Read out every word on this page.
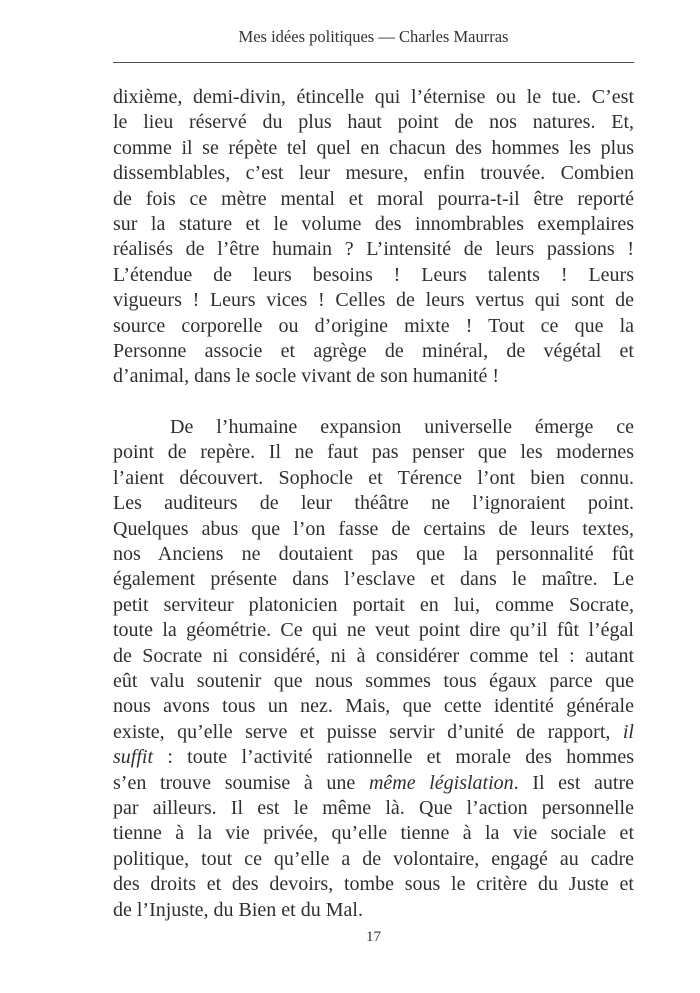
Mes idées politiques — Charles Maurras
dixième, demi-divin, étincelle qui l’éternise ou le tue. C’est
le lieu réservé du plus haut point de nos natures. Et,
comme il se répète tel quel en chacun des hommes les plus
dissemblables, c’est leur mesure, enfin trouvée. Combien
de fois ce mètre mental et moral pourra-t-il être reporté
sur la stature et le volume des innombrables exemplaires
réalisés de l’être humain ? L’intensité de leurs passions !
L’étendue de leurs besoins ! Leurs talents ! Leurs
vigueurs ! Leurs vices ! Celles de leurs vertus qui sont de
source corporelle ou d’origine mixte ! Tout ce que la
Personne associe et agrège de minéral, de végétal et
d’animal, dans le socle vivant de son humanité !
De l’humaine expansion universelle émerge ce
point de repère. Il ne faut pas penser que les modernes
l’aient découvert. Sophocle et Térence l’ont bien connu.
Les auditeurs de leur théâtre ne l’ignoraient point.
Quelques abus que l’on fasse de certains de leurs textes,
nos Anciens ne doutaient pas que la personnalité fût
également présente dans l’esclave et dans le maître. Le
petit serviteur platonicien portait en lui, comme Socrate,
toute la géométrie. Ce qui ne veut point dire qu’il fût l’égal
de Socrate ni considéré, ni à considérer comme tel : autant
eût valu soutenir que nous sommes tous égaux parce que
nous avons tous un nez. Mais, que cette identité générale
existe, qu’elle serve et puisse servir d’unité de rapport, il
suffit : toute l’activité rationnelle et morale des hommes
s’en trouve soumise à une même législation. Il est autre
par ailleurs. Il est le même là. Que l’action personnelle
tienne à la vie privée, qu’elle tienne à la vie sociale et
politique, tout ce qu’elle a de volontaire, engagé au cadre
des droits et des devoirs, tombe sous le critère du Juste et
de l’Injuste, du Bien et du Mal.
17
